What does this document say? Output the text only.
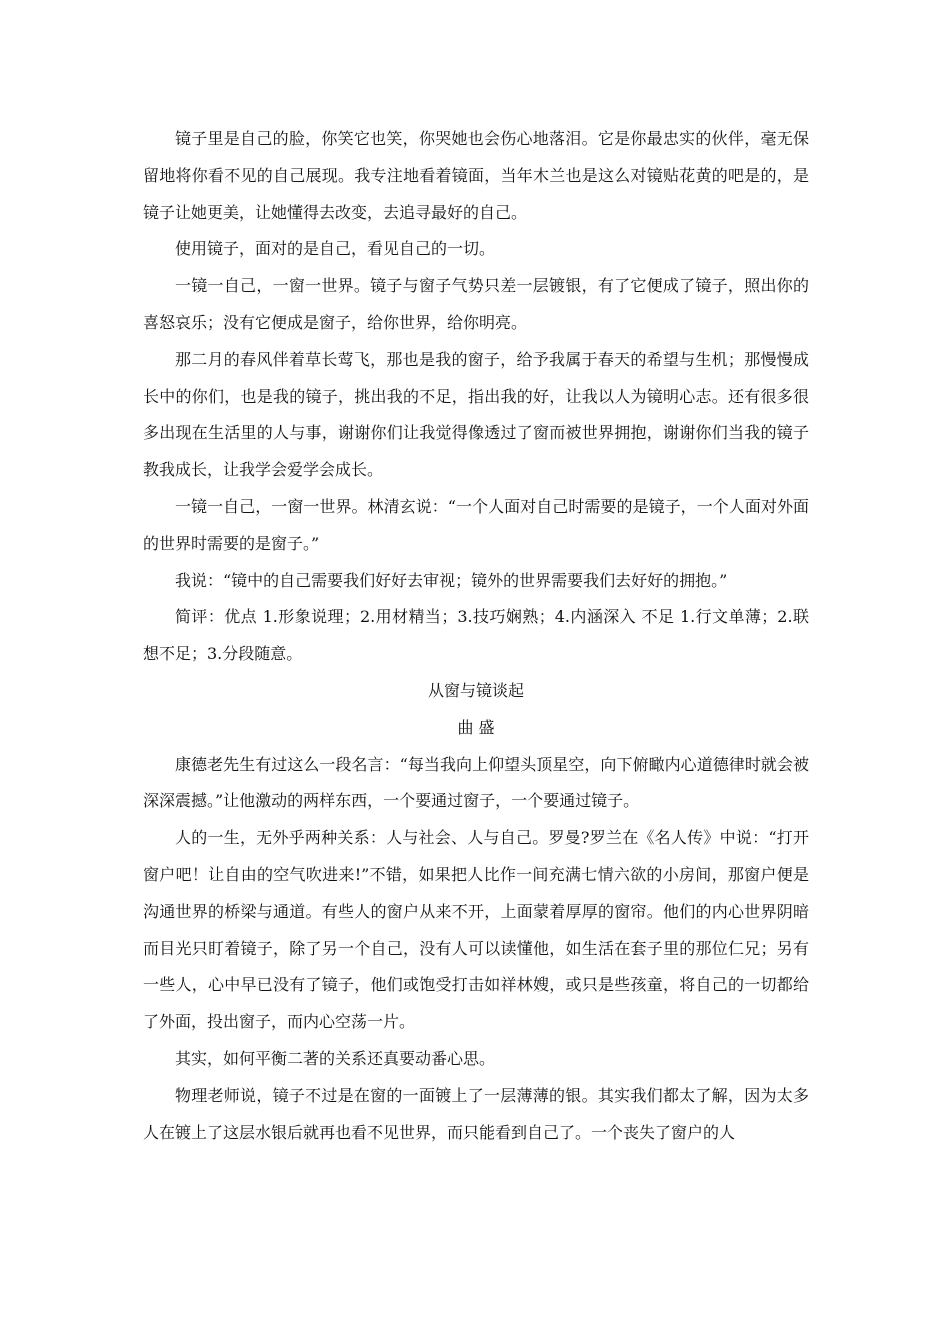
镜子里是自己的脸，你笑它也笑，你哭她也会伤心地落泪。它是你最忠实的伙伴，毫无保留地将你看不见的自己展现。我专注地看着镜面，当年木兰也是这么对镜贴花黄的吧是的，是镜子让她更美，让她懂得去改变，去追寻最好的自己。

使用镜子，面对的是自己，看见自己的一切。

一镜一自己，一窗一世界。镜子与窗子气势只差一层镀银，有了它便成了镜子，照出你的喜怒哀乐；没有它便成是窗子，给你世界，给你明亮。

那二月的春风伴着草长莺飞，那也是我的窗子，给予我属于春天的希望与生机；那慢慢成长中的你们，也是我的镜子，挑出我的不足，指出我的好，让我以人为镜明心志。还有很多很多出现在生活里的人与事，谢谢你们让我觉得像透过了窗而被世界拥抱，谢谢你们当我的镜子教我成长，让我学会爱学会成长。

一镜一自己，一窗一世界。林清玄说：“一个人面对自己时需要的是镜子，一个人面对外面的世界时需要的是窗子。”

我说：“镜中的自己需要我们好好去审视；镜外的世界需要我们去好好的拥抱。”

简评：优点 1.形象说理；2.用材精当；3.技巧娴熟；4.内涵深入 不足 1.行文单薄；2.联想不足；3.分段随意。

从窗与镜谈起

曲 盛

康德老先生有过这么一段名言：“每当我向上仰望头顶星空，向下俯瞰内心道德律时就会被深深震撼。”让他激动的两样东西，一个要通过窗子，一个要通过镜子。

人的一生，无外乎两种关系：人与社会、人与自己。罗曼?罗兰在《名人传》中说：“打开窗户吧！让自由的空气吹进来!”不错，如果把人比作一间充满七情六欲的小房间，那窗户便是沟通世界的桥梁与通道。有些人的窗户从来不开，上面蒙着厚厚的窗帘。他们的内心世界阴暗而目光只盯着镜子，除了另一个自己，没有人可以读懂他，如生活在套子里的那位仁兄；另有一些人，心中早已没有了镜子，他们或饱受打击如祥林嫂，或只是些孩童，将自己的一切都给了外面，投出窗子，而内心空荡一片。

其实，如何平衡二著的关系还真要动番心思。

物理老师说，镜子不过是在窗的一面镀上了一层薄薄的银。其实我们都太了解，因为太多人在镀上了这层水银后就再也看不见世界，而只能看到自己了。一个丧失了窗户的人
